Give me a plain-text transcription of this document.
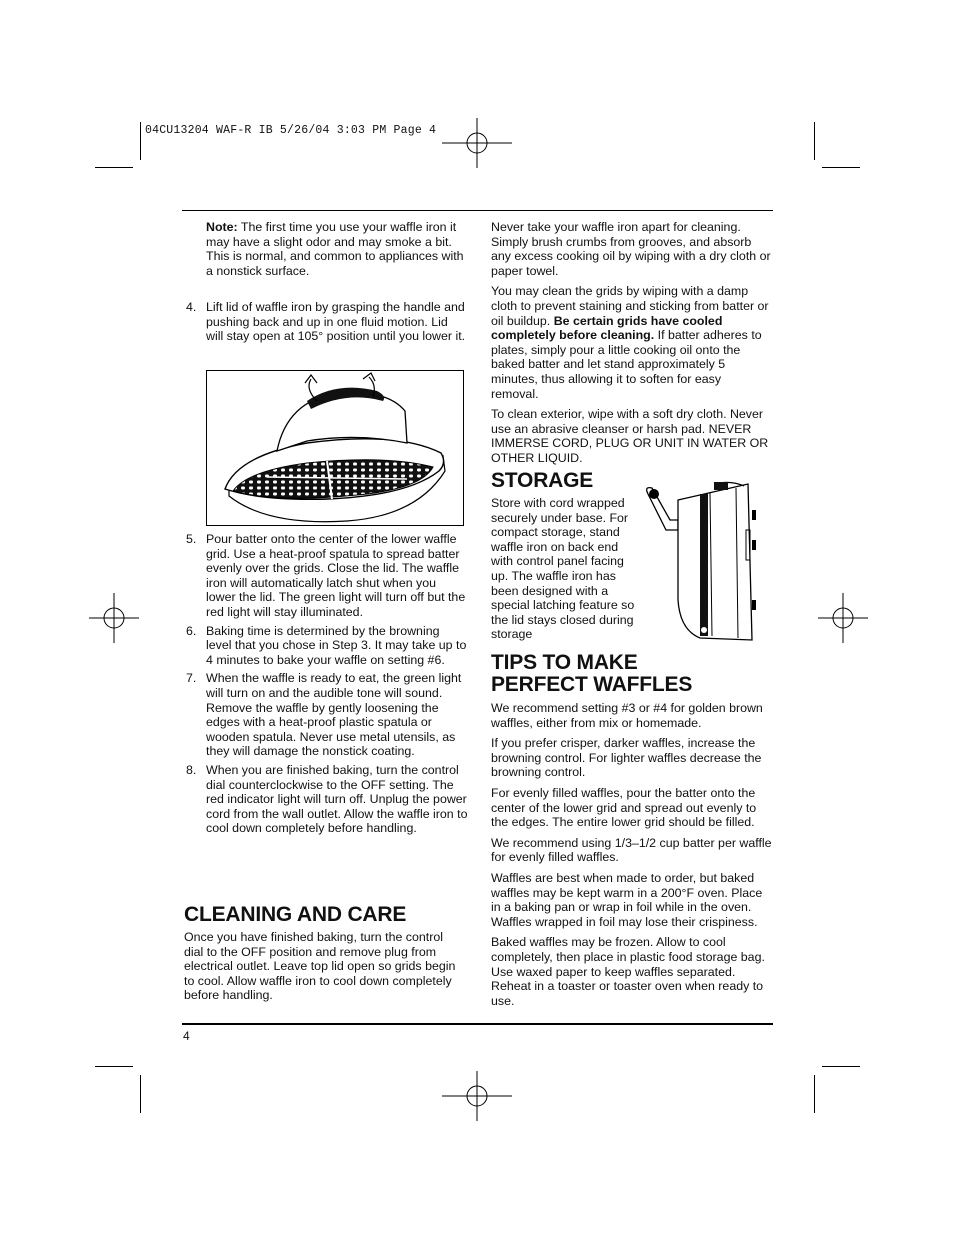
04CU13204 WAF-R IB 5/26/04 3:03 PM Page 4

Note: The first time you use your waffle iron it may have a slight odor and may smoke a bit. This is normal, and common to appliances with a nonstick surface.

4. Lift lid of waffle iron by grasping the handle and pushing back and up in one fluid motion. Lid will stay open at 105° position until you lower it.
5. Pour batter onto the center of the lower waffle grid. Use a heat-proof spatula to spread batter evenly over the grids. Close the lid. The waffle iron will automatically latch shut when you lower the lid. The green light will turn off but the red light will stay illuminated.
6. Baking time is determined by the browning level that you chose in Step 3. It may take up to 4 minutes to bake your waffle on setting #6.
7. When the waffle is ready to eat, the green light will turn on and the audible tone will sound. Remove the waffle by gently loosening the edges with a heat-proof plastic spatula or wooden spatula. Never use metal utensils, as they will damage the nonstick coating.
8. When you are finished baking, turn the control dial counterclockwise to the OFF setting. The red indicator light will turn off. Unplug the power cord from the wall outlet. Allow the waffle iron to cool down completely before handling.
CLEANING AND CARE

Once you have finished baking, turn the control dial to the OFF position and remove plug from electrical outlet. Leave top lid open so grids begin to cool. Allow waffle iron to cool down completely before handling.

Never take your waffle iron apart for cleaning. Simply brush crumbs from grooves, and absorb any excess cooking oil by wiping with a dry cloth or paper towel.

You may clean the grids by wiping with a damp cloth to prevent staining and sticking from batter or oil buildup. Be certain grids have cooled completely before cleaning. If batter adheres to plates, simply pour a little cooking oil onto the baked batter and let stand approximately 5 minutes, thus allowing it to soften for easy removal.

To clean exterior, wipe with a soft dry cloth. Never use an abrasive cleanser or harsh pad. NEVER IMMERSE CORD, PLUG OR UNIT IN WATER OR OTHER LIQUID.

STORAGE

Store with cord wrapped securely under base. For compact storage, stand waffle iron on back end with control panel facing up. The waffle iron has been designed with a special latching feature so the lid stays closed during storage

TIPS TO MAKE
PERFECT WAFFLES

We recommend setting #3 or #4 for golden brown waffles, either from mix or homemade.

If you prefer crisper, darker waffles, increase the browning control. For lighter waffles decrease the browning control.

For evenly filled waffles, pour the batter onto the center of the lower grid and spread out evenly to the edges. The entire lower grid should be filled.

We recommend using 1/3–1/2 cup batter per waffle for evenly filled waffles.

Waffles are best when made to order, but baked waffles may be kept warm in a 200°F oven. Place in a baking pan or wrap in foil while in the oven. Waffles wrapped in foil may lose their crispiness.

Baked waffles may be frozen. Allow to cool completely, then place in plastic food storage bag. Use waxed paper to keep waffles separated. Reheat in a toaster or toaster oven when ready to use.

4
